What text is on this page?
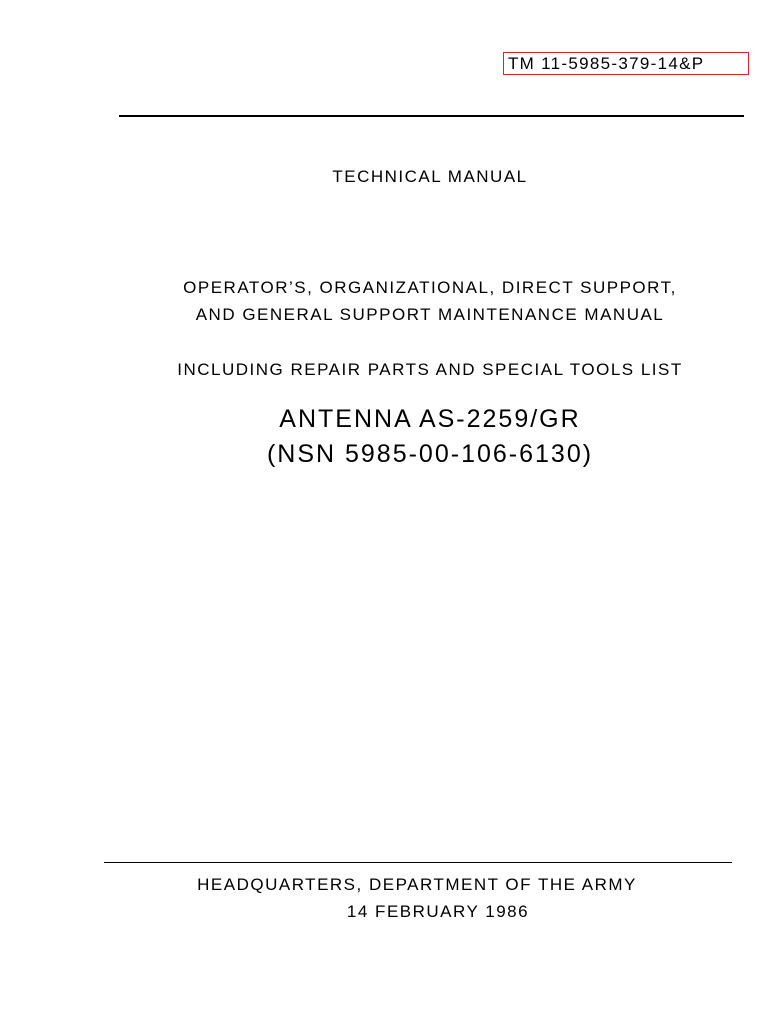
TM 11-5985-379-14&P
TECHNICAL MANUAL
OPERATOR’S, ORGANIZATIONAL, DIRECT SUPPORT,
AND GENERAL SUPPORT MAINTENANCE MANUAL
INCLUDING REPAIR PARTS AND SPECIAL TOOLS LIST
ANTENNA AS-2259/GR
(NSN 5985-00-106-6130)
HEADQUARTERS, DEPARTMENT OF THE ARMY
14 FEBRUARY 1986
